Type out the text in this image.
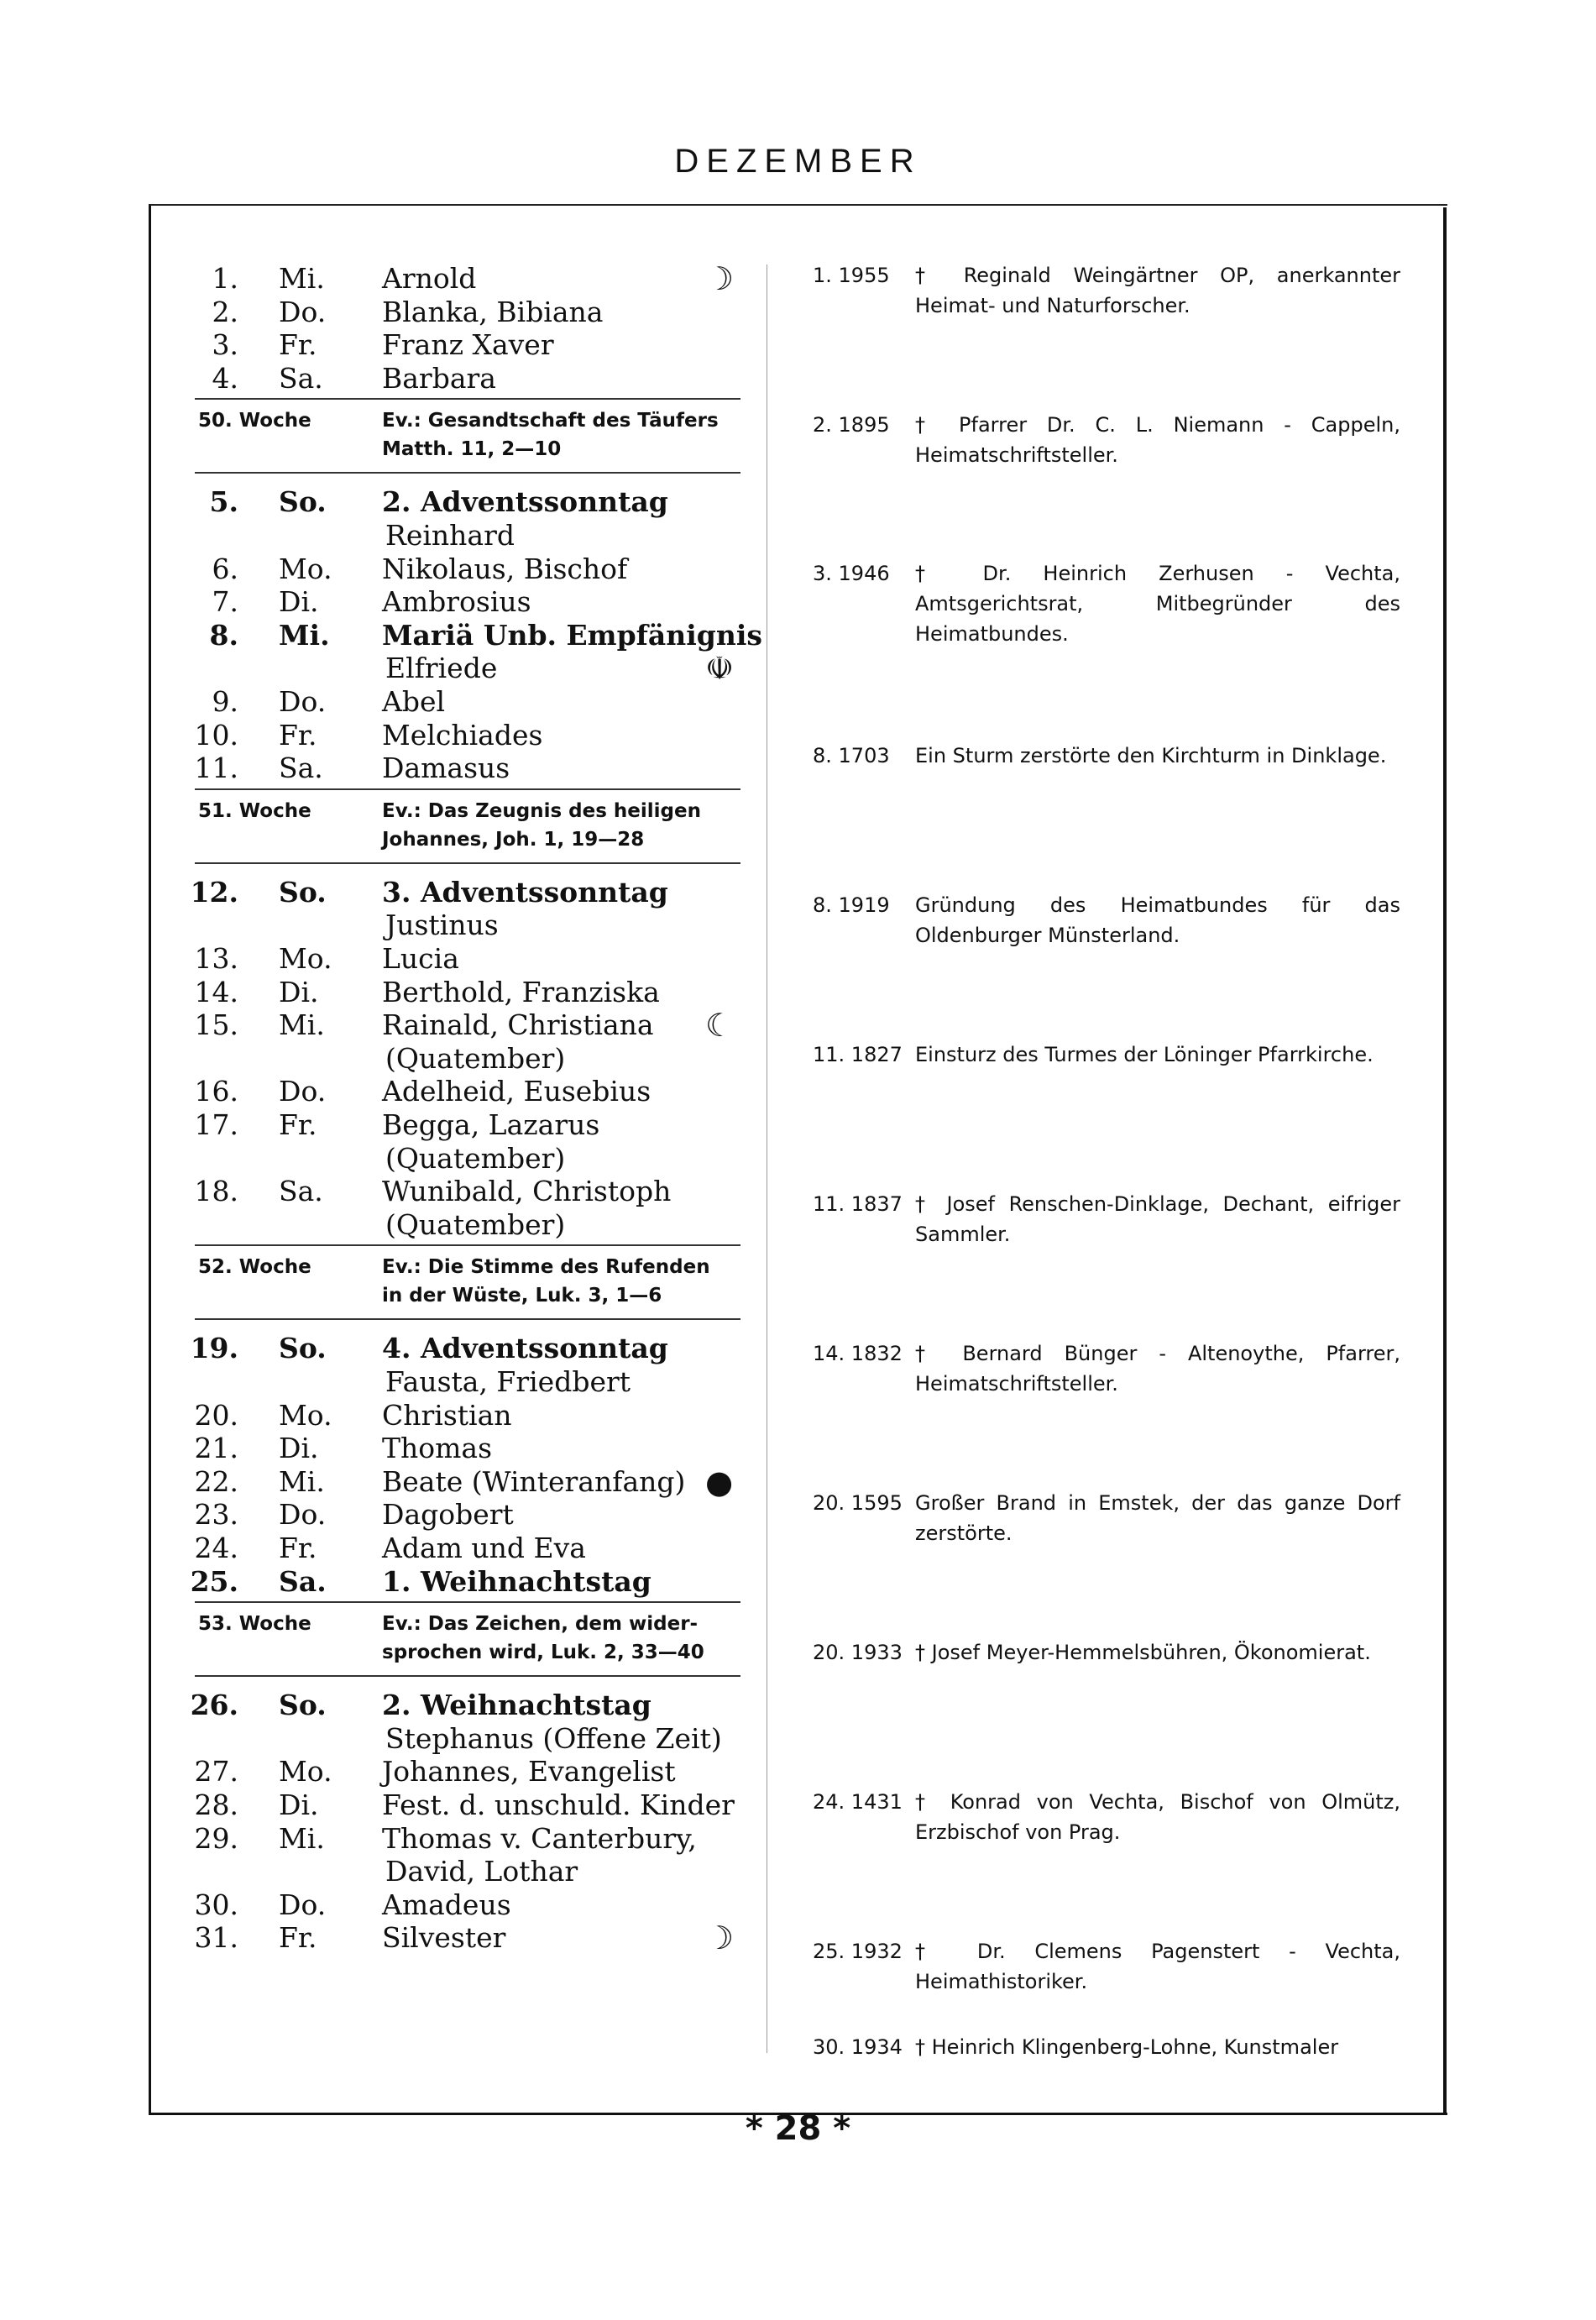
DEZEMBER
* 28 *
1. Mi. Arnold	☽
2. Do. Blanka, Bibiana
3. Fr. Franz Xaver
4. Sa. Barbara
50. Woche	Ev.: Gesandtschaft des Täufers
Matth. 11, 2—10
5. So. 2. Adventssonntag
Reinhard
6. Mo. Nikolaus, Bischof
7. Di. Ambrosius
8. Mi. Mariä Unb. Empfänignis
Elfriede	☫
9. Do. Abel
10. Fr. Melchiades
11. Sa. Damasus
51. Woche	Ev.: Das Zeugnis des heiligen
Johannes, Joh. 1, 19—28
12. So. 3. Adventssonntag
Justinus
13. Mo. Lucia
14. Di. Berthold, Franziska
15. Mi. Rainald, Christiana ☾
(Quatember)
16. Do. Adelheid, Eusebius
17. Fr. Begga, Lazarus
(Quatember)
18. Sa. Wunibald, Christoph
(Quatember)
52. Woche	Ev.: Die Stimme des Rufenden
in der Wüste, Luk. 3, 1—6
19. So. 4. Adventssonntag
Fausta, Friedbert
20. Mo. Christian
21. Di. Thomas
22. Mi. Beate (Winteranfang) ●
23. Do. Dagobert
24. Fr. Adam und Eva
25. Sa. 1. Weihnachtstag
53. Woche	Ev.: Das Zeichen, dem wider-
sprochen wird, Luk. 2, 33—40
26. So. 2. Weihnachtstag
Stephanus (Offene Zeit)
27. Mo. Johannes, Evangelist
28. Di. Fest. d. unschuld. Kinder
29. Mi. Thomas v. Canterbury,
David, Lothar
30. Do. Amadeus
31. Fr. Silvester	☽
1. 1955 † Reginald Weingärtner OP, anerkannter Heimat- und Naturforscher.
2. 1895 † Pfarrer Dr. C. L. Niemann - Cappeln, Heimatschriftsteller.
3. 1946 † Dr. Heinrich Zerhusen - Vechta, Amtsgerichtsrat, Mitbegründer des Heimatbundes.
8. 1703 Ein Sturm zerstörte den Kirchturm in Dinklage.
8. 1919 Gründung des Heimatbundes für das Oldenburger Münsterland.
11. 1827 Einsturz des Turmes der Löninger Pfarrkirche.
11. 1837 † Josef Renschen-Dinklage, Dechant, eifriger Sammler.
14. 1832 † Bernard Bünger - Altenoythe, Pfarrer, Heimatschriftsteller.
20. 1595 Großer Brand in Emstek, der das ganze Dorf zerstörte.
20. 1933 † Josef Meyer-Hemmelsbühren, Ökonomierat.
24. 1431 † Konrad von Vechta, Bischof von Olmütz, Erzbischof von Prag.
25. 1932 † Dr. Clemens Pagenstert - Vechta, Heimathistoriker.
30. 1934 † Heinrich Klingenberg-Lohne, Kunstmaler
